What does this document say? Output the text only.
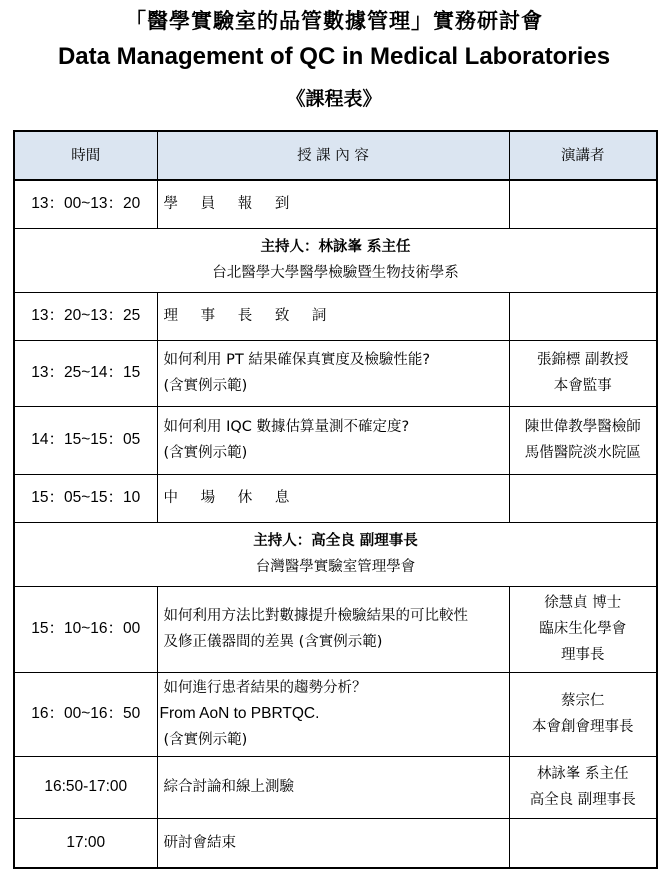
「醫學實驗室的品管數據管理」實務研討會
Data Management of QC in Medical Laboratories
《課程表》
時間	授 課 內 容	演講者
13：00~13：20	學 員 報 到	

主持人：林詠峯 系主任
台北醫學大學醫學檢驗暨生物技術學系		

13：20~13：25	理 事 長 致 詞	
13：25~14：15	如何利用 PT 結果確保真實度及檢驗性能?
(含實例示範)	張錦標 副教授
本會監事

14：15~15：05	如何利用 IQC 數據估算量測不確定度?
(含實例示範)	陳世偉教學醫檢師
馬偕醫院淡水院區

15：05~15：10	中 場 休 息	

主持人：高全良 副理事長
台灣醫學實驗室管理學會		

15：10~16：00	如何利用方法比對數據提升檢驗結果的可比較性
及修正儀器間的差異 (含實例示範)	徐慧貞 博士
臨床生化學會
理事長

16：00~16：50	如何進行患者結果的趨勢分析？
From AoN to PBRTQC.
(含實例示範)	蔡宗仁
本會創會理事長

16:50-17:00	綜合討論和線上測驗	林詠峯 系主任
高全良 副理事長

17:00	研討會結束	
